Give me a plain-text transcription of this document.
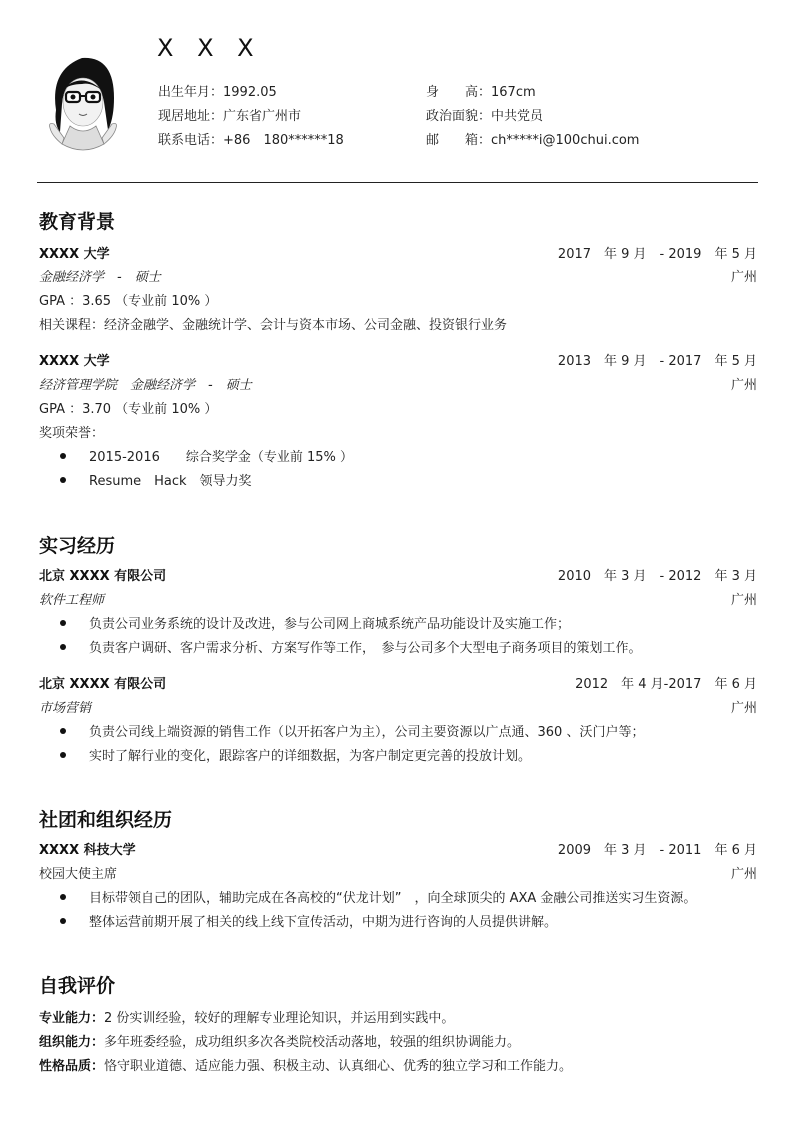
X X X
出生年月：1992.05	身　　高：167cm
现居地址：广东省广州市	政治面貌：中共党员
联系电话：+86　180******18	邮　　箱：ch*****i@100chui.com
教育背景
XXXX 大学	2017　年 9 月　- 2019　年 5 月
金融经济学　-　硕士	广州
GPA ：3.65 （专业前 10% ）
相关课程：经济金融学、金融统计学、会计与资本市场、公司金融、投资银行业务
XXXX 大学	2013　年 9 月　- 2017　年 5 月
经济管理学院　金融经济学　-　硕士	广州
GPA ：3.70 （专业前 10% ）
奖项荣誉：
2015-2016　　综合奖学金（专业前 15% ）
Resume　Hack　领导力奖
实习经历
北京 XXXX 有限公司	2010　年 3 月　- 2012　年 3 月
软件工程师	广州
负责公司业务系统的设计及改进，参与公司网上商城系统产品功能设计及实施工作；
负责客户调研、客户需求分析、方案写作等工作，　参与公司多个大型电子商务项目的策划工作。
北京 XXXX 有限公司	2012　年 4 月-2017　年 6 月
市场营销	广州
负责公司线上端资源的销售工作（以开拓客户为主），公司主要资源以广点通、360 、沃门户等；
实时了解行业的变化，跟踪客户的详细数据，为客户制定更完善的投放计划。
社团和组织经历
XXXX 科技大学	2009　年 3 月　- 2011　年 6 月
校园大使主席	广州
目标带领自己的团队，辅助完成在各高校的“伏龙计划”　，向全球顶尖的 AXA 金融公司推送实习生资源。
整体运营前期开展了相关的线上线下宣传活动，中期为进行咨询的人员提供讲解。
自我评价
专业能力：2 份实训经验，较好的理解专业理论知识，并运用到实践中。
组织能力：多年班委经验，成功组织多次各类院校活动落地，较强的组织协调能力。
性格品质：恪守职业道德、适应能力强、积极主动、认真细心、优秀的独立学习和工作能力。
